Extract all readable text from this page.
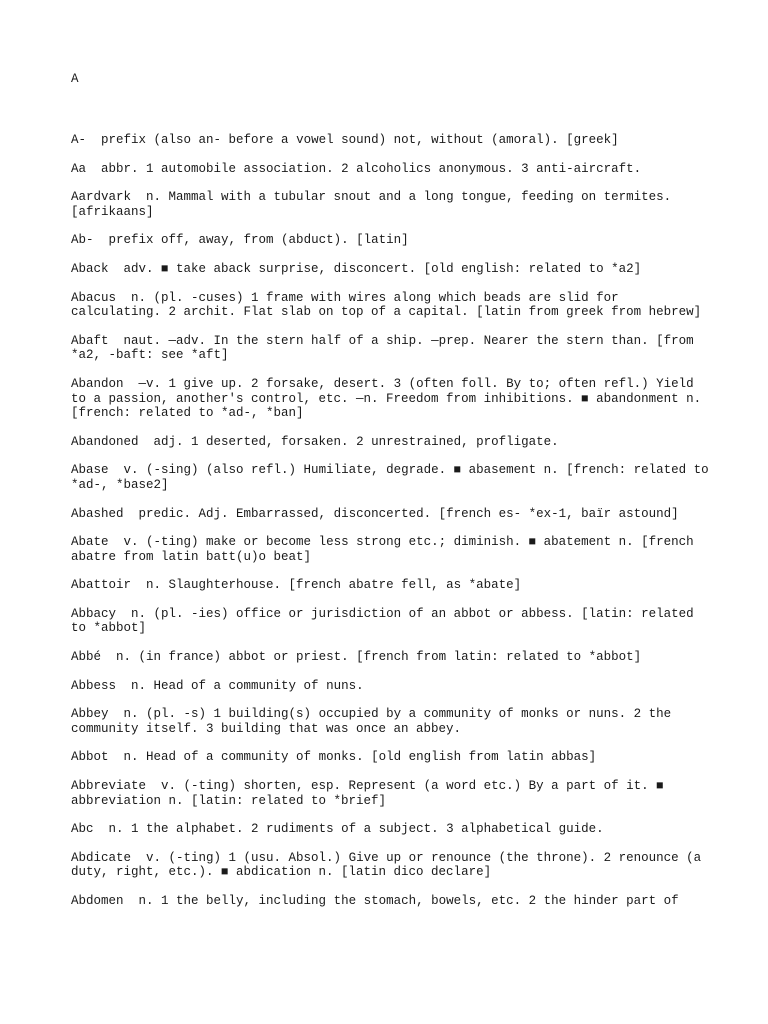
A

A- prefix (also an- before a vowel sound) not, without (amoral). [greek]

Aa abbr. 1 automobile association. 2 alcoholics anonymous. 3 anti-aircraft.

Aardvark n. Mammal with a tubular snout and a long tongue, feeding on termites. [afrikaans]

Ab- prefix off, away, from (abduct). [latin]

Aback adv. ■ take aback surprise, disconcert. [old english: related to *a2]

Abacus n. (pl. -cuses) 1 frame with wires along which beads are slid for calculating. 2 archit. Flat slab on top of a capital. [latin from greek from hebrew]

Abaft naut. —adv. In the stern half of a ship. —prep. Nearer the stern than. [from *a2, -baft: see *aft]

Abandon —v. 1 give up. 2 forsake, desert. 3 (often foll. By to; often refl.) Yield to a passion, another's control, etc. —n. Freedom from inhibitions. ■ abandonment n. [french: related to *ad-, *ban]

Abandoned adj. 1 deserted, forsaken. 2 unrestrained, profligate.

Abase v. (-sing) (also refl.) Humiliate, degrade. ■ abasement n. [french: related to *ad-, *base2]

Abashed predic. Adj. Embarrassed, disconcerted. [french es- *ex-1, baïr astound]

Abate v. (-ting) make or become less strong etc.; diminish. ■ abatement n. [french abatre from latin batt(u)o beat]

Abattoir n. Slaughterhouse. [french abatre fell, as *abate]

Abbacy n. (pl. -ies) office or jurisdiction of an abbot or abbess. [latin: related to *abbot]

Abbé n. (in france) abbot or priest. [french from latin: related to *abbot]

Abbess n. Head of a community of nuns.

Abbey n. (pl. -s) 1 building(s) occupied by a community of monks or nuns. 2 the community itself. 3 building that was once an abbey.

Abbot n. Head of a community of monks. [old english from latin abbas]

Abbreviate v. (-ting) shorten, esp. Represent (a word etc.) By a part of it. ■ abbreviation n. [latin: related to *brief]

Abc n. 1 the alphabet. 2 rudiments of a subject. 3 alphabetical guide.

Abdicate v. (-ting) 1 (usu. Absol.) Give up or renounce (the throne). 2 renounce (a duty, right, etc.). ■ abdication n. [latin dico declare]

Abdomen n. 1 the belly, including the stomach, bowels, etc. 2 the hinder part of
